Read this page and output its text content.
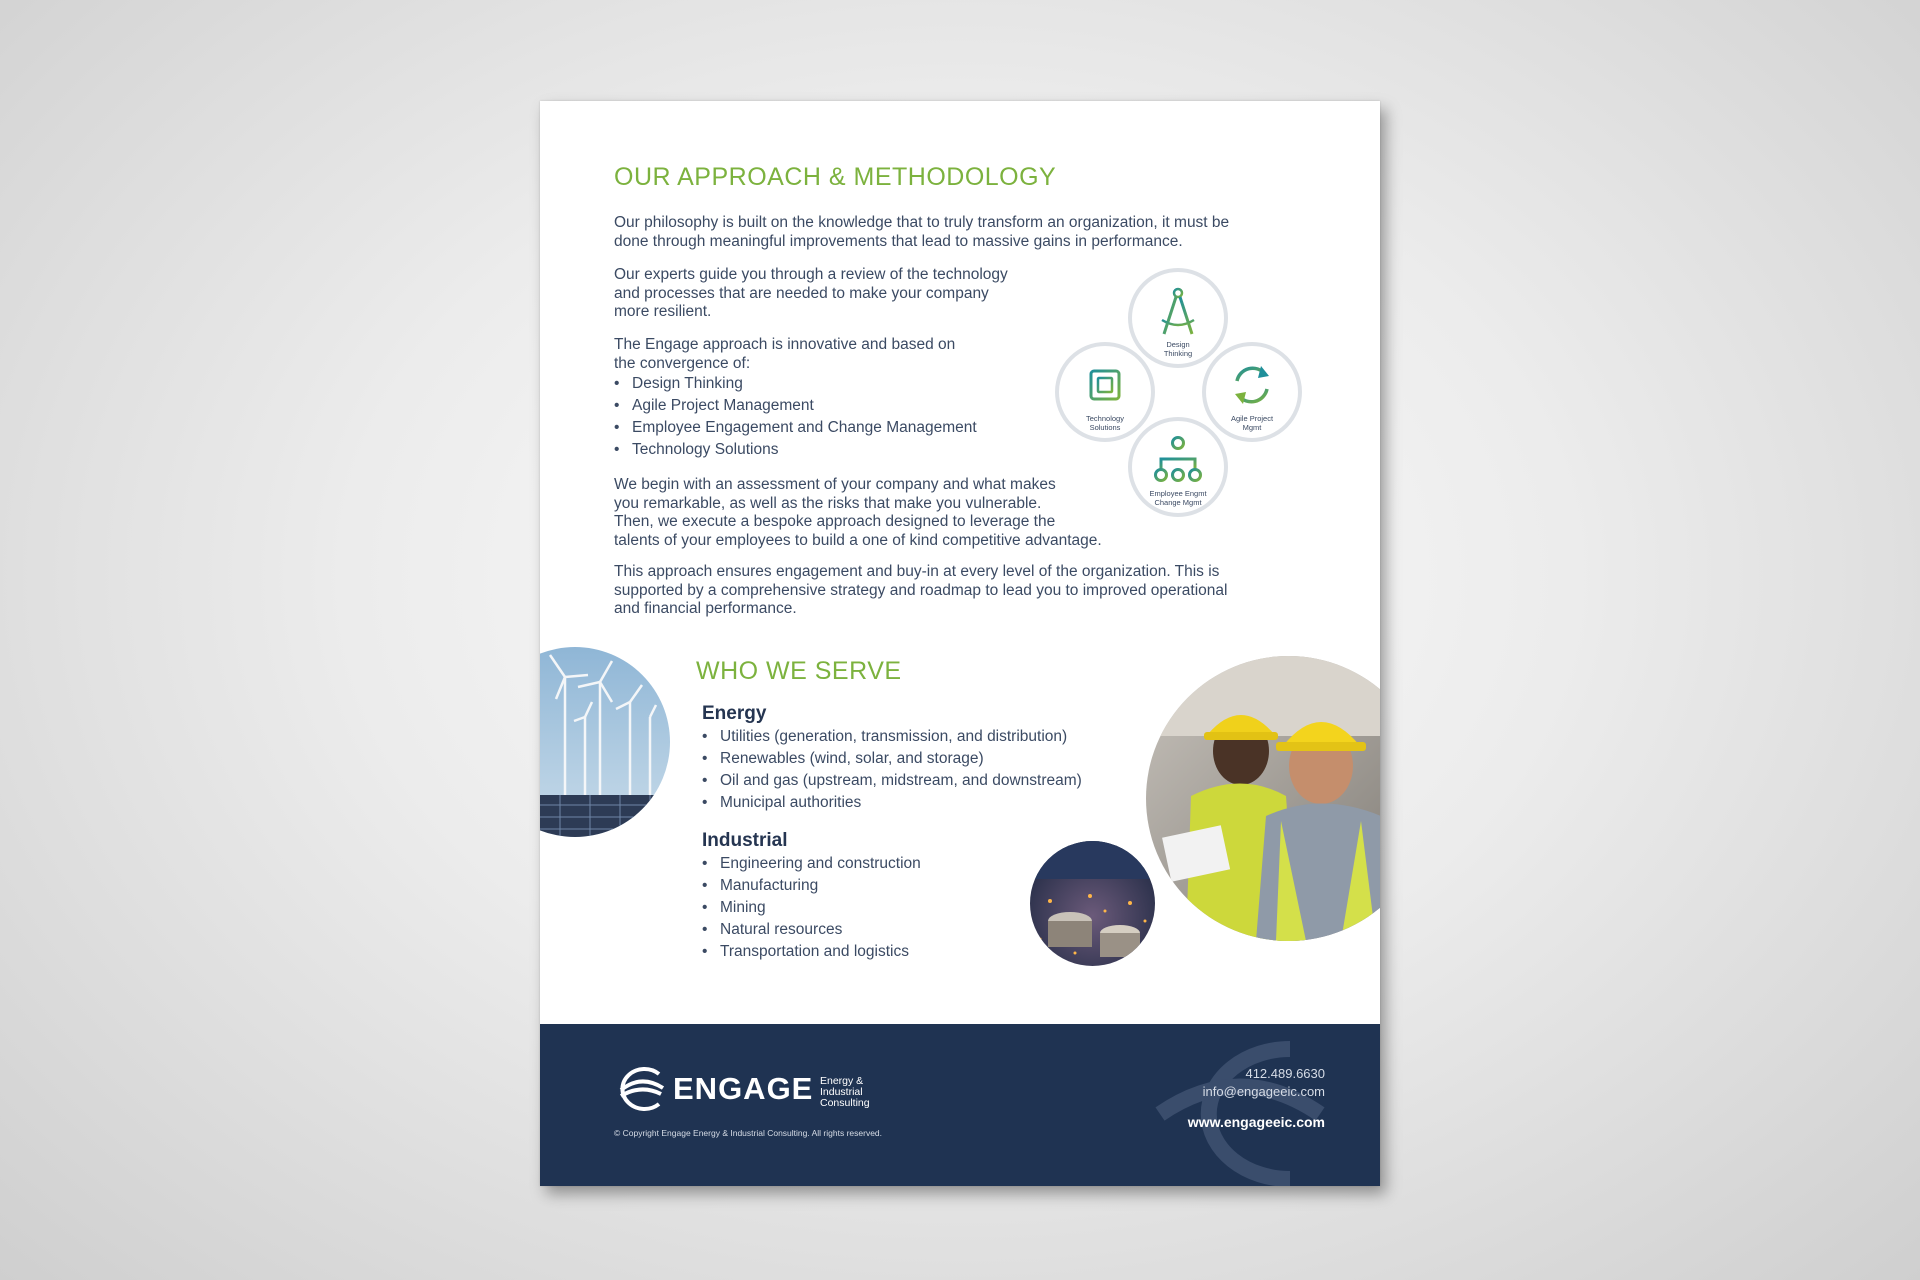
OUR APPROACH & METHODOLOGY
Our philosophy is built on the knowledge that to truly transform an organization, it must be
done through meaningful improvements that lead to massive gains in performance.
Our experts guide you through a review of the technology
and processes that are needed to make your company
more resilient.
The Engage approach is innovative and based on
the convergence of:
• Design Thinking
• Agile Project Management
• Employee Engagement and Change Management
• Technology Solutions
We begin with an assessment of your company and what makes
you remarkable, as well as the risks that make you vulnerable.
Then, we execute a bespoke approach designed to leverage the
talents of your employees to build a one of kind competitive advantage.
This approach ensures engagement and buy-in at every level of the organization. This is
supported by a comprehensive strategy and roadmap to lead you to improved operational
and financial performance.
Design
Thinking
Technology
Solutions
Agile Project
Mgmt
Employee Engmt
Change Mgmt
WHO WE SERVE
Energy
• Utilities (generation, transmission, and distribution)
• Renewables (wind, solar, and storage)
• Oil and gas (upstream, midstream, and downstream)
• Municipal authorities
Industrial
• Engineering and construction
• Manufacturing
• Mining
• Natural resources
• Transportation and logistics
ENGAGE Energy & Industrial
Consulting
© Copyright Engage Energy & Industrial Consulting. All rights reserved.
412.489.6630
info@engageeic.com
www.engageeic.com
